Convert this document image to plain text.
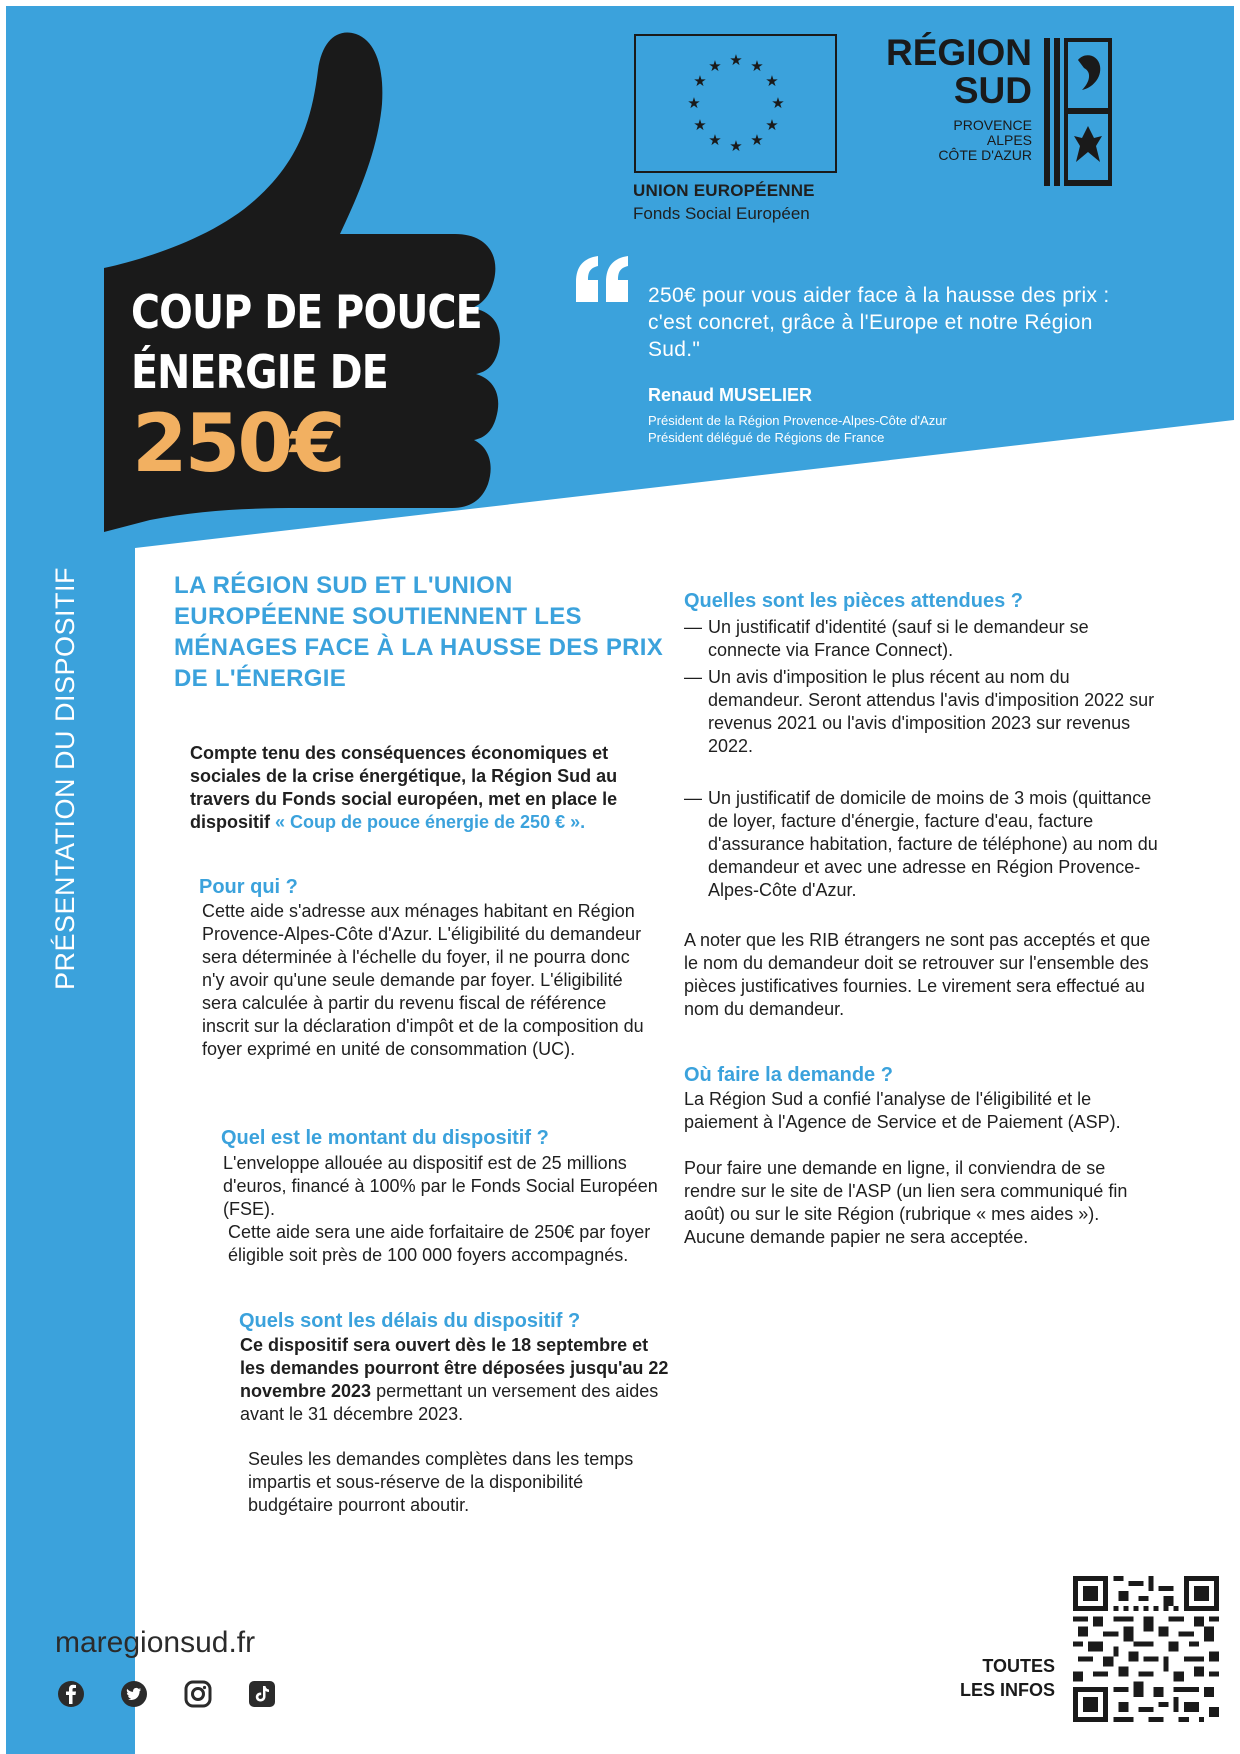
★ ★
★
★
★
★
★
★
★
★
★
★
UNION EUROPÉENNE
Fonds Social Européen
RÉGION
SUD
PROVENCE
ALPES
CÔTE D'AZUR
COUP DE POUCE
ÉNERGIE DE
250€
250€ pour vous aider face à la hausse des prix : c'est concret, grâce à l'Europe et notre Région Sud."
Renaud MUSELIER
Président de la Région Provence-Alpes-Côte d'Azur
Président délégué de Régions de France
PRÉSENTATION DU DISPOSITIF	LA RÉGION SUD ET L'UNION EUROPÉENNE SOUTIENNENT LES MÉNAGES FACE À LA HAUSSE DES PRIX DE L'ÉNERGIE
Compte tenu des conséquences économiques et sociales de la crise énergétique, la Région Sud au travers du Fonds social européen, met en place le dispositif « Coup de pouce énergie de 250 € ».
Pour qui ?
Cette aide s'adresse aux ménages habitant en Région Provence-Alpes-Côte d'Azur. L'éligibilité du demandeur sera déterminée à l'échelle du foyer, il ne pourra donc n'y avoir qu'une seule demande par foyer. L'éligibilité sera calculée à partir du revenu fiscal de référence inscrit sur la déclaration d'impôt et de la composition du foyer exprimé en unité de consommation (UC).
Quel est le montant du dispositif ?
L'enveloppe allouée au dispositif est de 25 millions d'euros, financé à 100% par le Fonds Social Européen (FSE).
Cette aide sera une aide forfaitaire de 250€ par foyer éligible soit près de 100 000 foyers accompagnés.
Quels sont les délais du dispositif ?
Ce dispositif sera ouvert dès le 18 septembre et les demandes pourront être déposées jusqu'au 22 novembre 2023 permettant un versement des aides avant le 31 décembre 2023.
Seules les demandes complètes dans les temps impartis et sous-réserve de la disponibilité budgétaire pourront aboutir.
Quelles sont les pièces attendues ?
— Un justificatif d'identité (sauf si le demandeur se connecte via France Connect).
— Un avis d'imposition le plus récent au nom du demandeur. Seront attendus l'avis d'imposition 2022 sur revenus 2021 ou l'avis d'imposition 2023 sur revenus 2022.
— Un justificatif de domicile de moins de 3 mois (quittance de loyer, facture d'énergie, facture d'eau, facture d'assurance habitation, facture de téléphone) au nom du demandeur et avec une adresse en Région Provence-Alpes-Côte d'Azur.
A noter que les RIB étrangers ne sont pas acceptés et que le nom du demandeur doit se retrouver sur l'ensemble des pièces justificatives fournies. Le virement sera effectué au nom du demandeur.
Où faire la demande ?
La Région Sud a confié l'analyse de l'éligibilité et le paiement à l'Agence de Service et de Paiement (ASP).
Pour faire une demande en ligne, il conviendra de se rendre sur le site de l'ASP (un lien sera communiqué fin août) ou sur le site Région (rubrique « mes aides »). Aucune demande papier ne sera acceptée.
maregionsud.fr
TOUTES
LES INFOS
